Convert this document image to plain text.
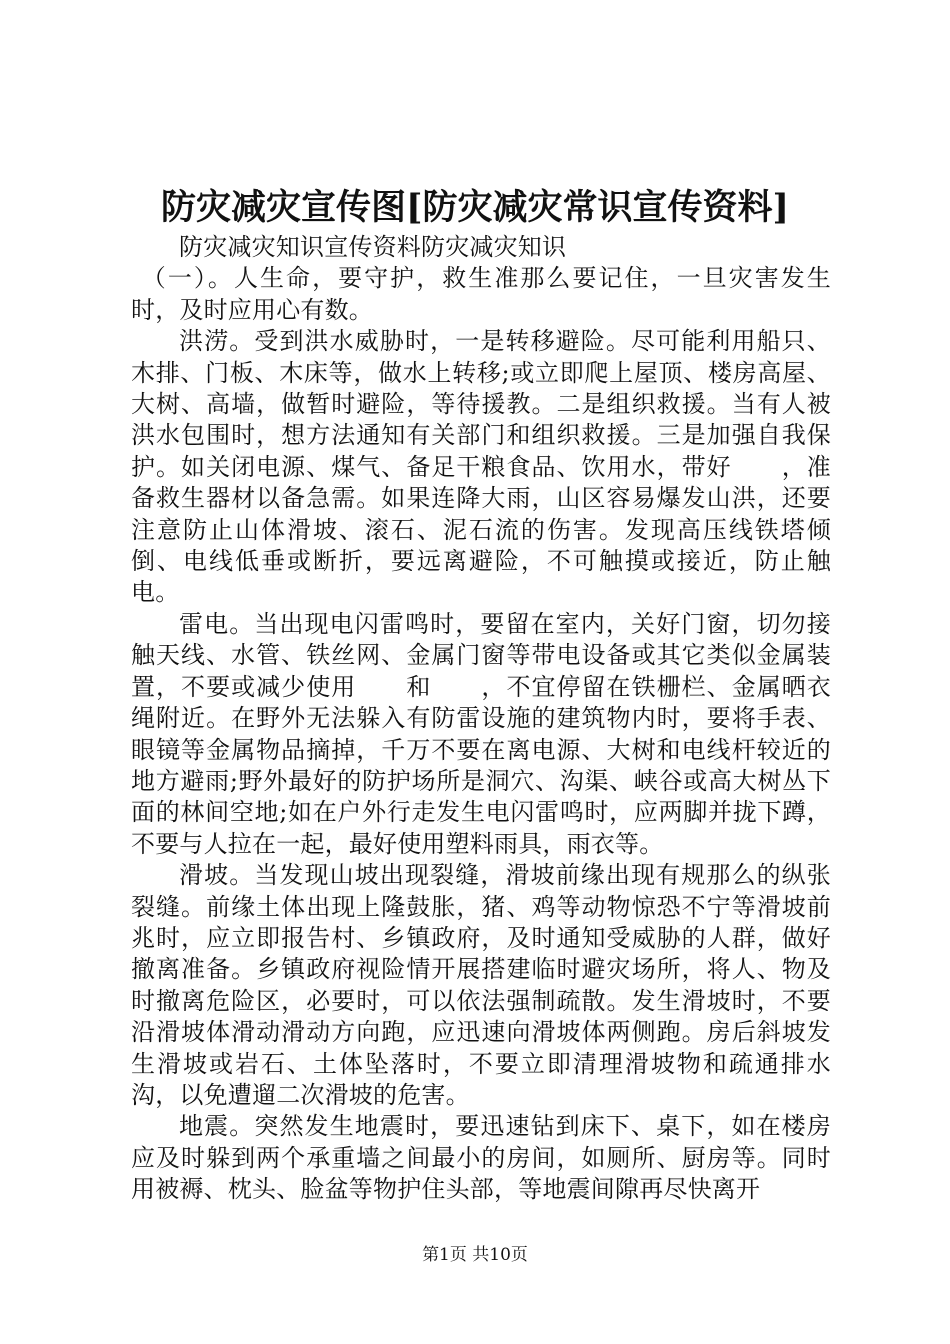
防灾减灾宣传图[防灾减灾常识宣传资料]

防灾减灾知识宣传资料防灾减灾知识

（一）。人生命，要守护，救生准那么要记住，一旦灾害发生时，及时应用心有数。

洪涝。受到洪水威胁时，一是转移避险。尽可能利用船只、木排、门板、木床等，做水上转移;或立即爬上屋顶、楼房高屋、大树、高墙，做暂时避险，等待援教。二是组织救援。当有人被洪水包围时，想方法通知有关部门和组织救援。三是加强自我保护。如关闭电源、煤气、备足干粮食品、饮用水，带好　　，准备救生器材以备急需。如果连降大雨，山区容易爆发山洪，还要注意防止山体滑坡、滚石、泥石流的伤害。发现高压线铁塔倾倒、电线低垂或断折，要远离避险，不可触摸或接近，防止触电。

雷电。当出现电闪雷鸣时，要留在室内，关好门窗，切勿接触天线、水管、铁丝网、金属门窗等带电设备或其它类似金属装置，不要或减少使用　　和　　，不宜停留在铁栅栏、金属晒衣绳附近。在野外无法躲入有防雷设施的建筑物内时，要将手表、眼镜等金属物品摘掉，千万不要在离电源、大树和电线杆较近的地方避雨;野外最好的防护场所是洞穴、沟渠、峡谷或高大树丛下面的林间空地;如在户外行走发生电闪雷鸣时，应两脚并拢下蹲，不要与人拉在一起，最好使用塑料雨具，雨衣等。

滑坡。当发现山坡出现裂缝，滑坡前缘出现有规那么的纵张裂缝。前缘土体出现上隆鼓胀，猪、鸡等动物惊恐不宁等滑坡前兆时，应立即报告村、乡镇政府，及时通知受威胁的人群，做好撤离准备。乡镇政府视险情开展搭建临时避灾场所，将人、物及时撤离危险区，必要时，可以依法强制疏散。发生滑坡时，不要沿滑坡体滑动滑动方向跑，应迅速向滑坡体两侧跑。房后斜坡发生滑坡或岩石、土体坠落时，不要立即清理滑坡物和疏通排水沟，以免遭遛二次滑坡的危害。

地震。突然发生地震时，要迅速钻到床下、桌下，如在楼房应及时躲到两个承重墙之间最小的房间，如厕所、厨房等。同时用被褥、枕头、脸盆等物护住头部，等地震间隙再尽快离开

第1页 共10页
